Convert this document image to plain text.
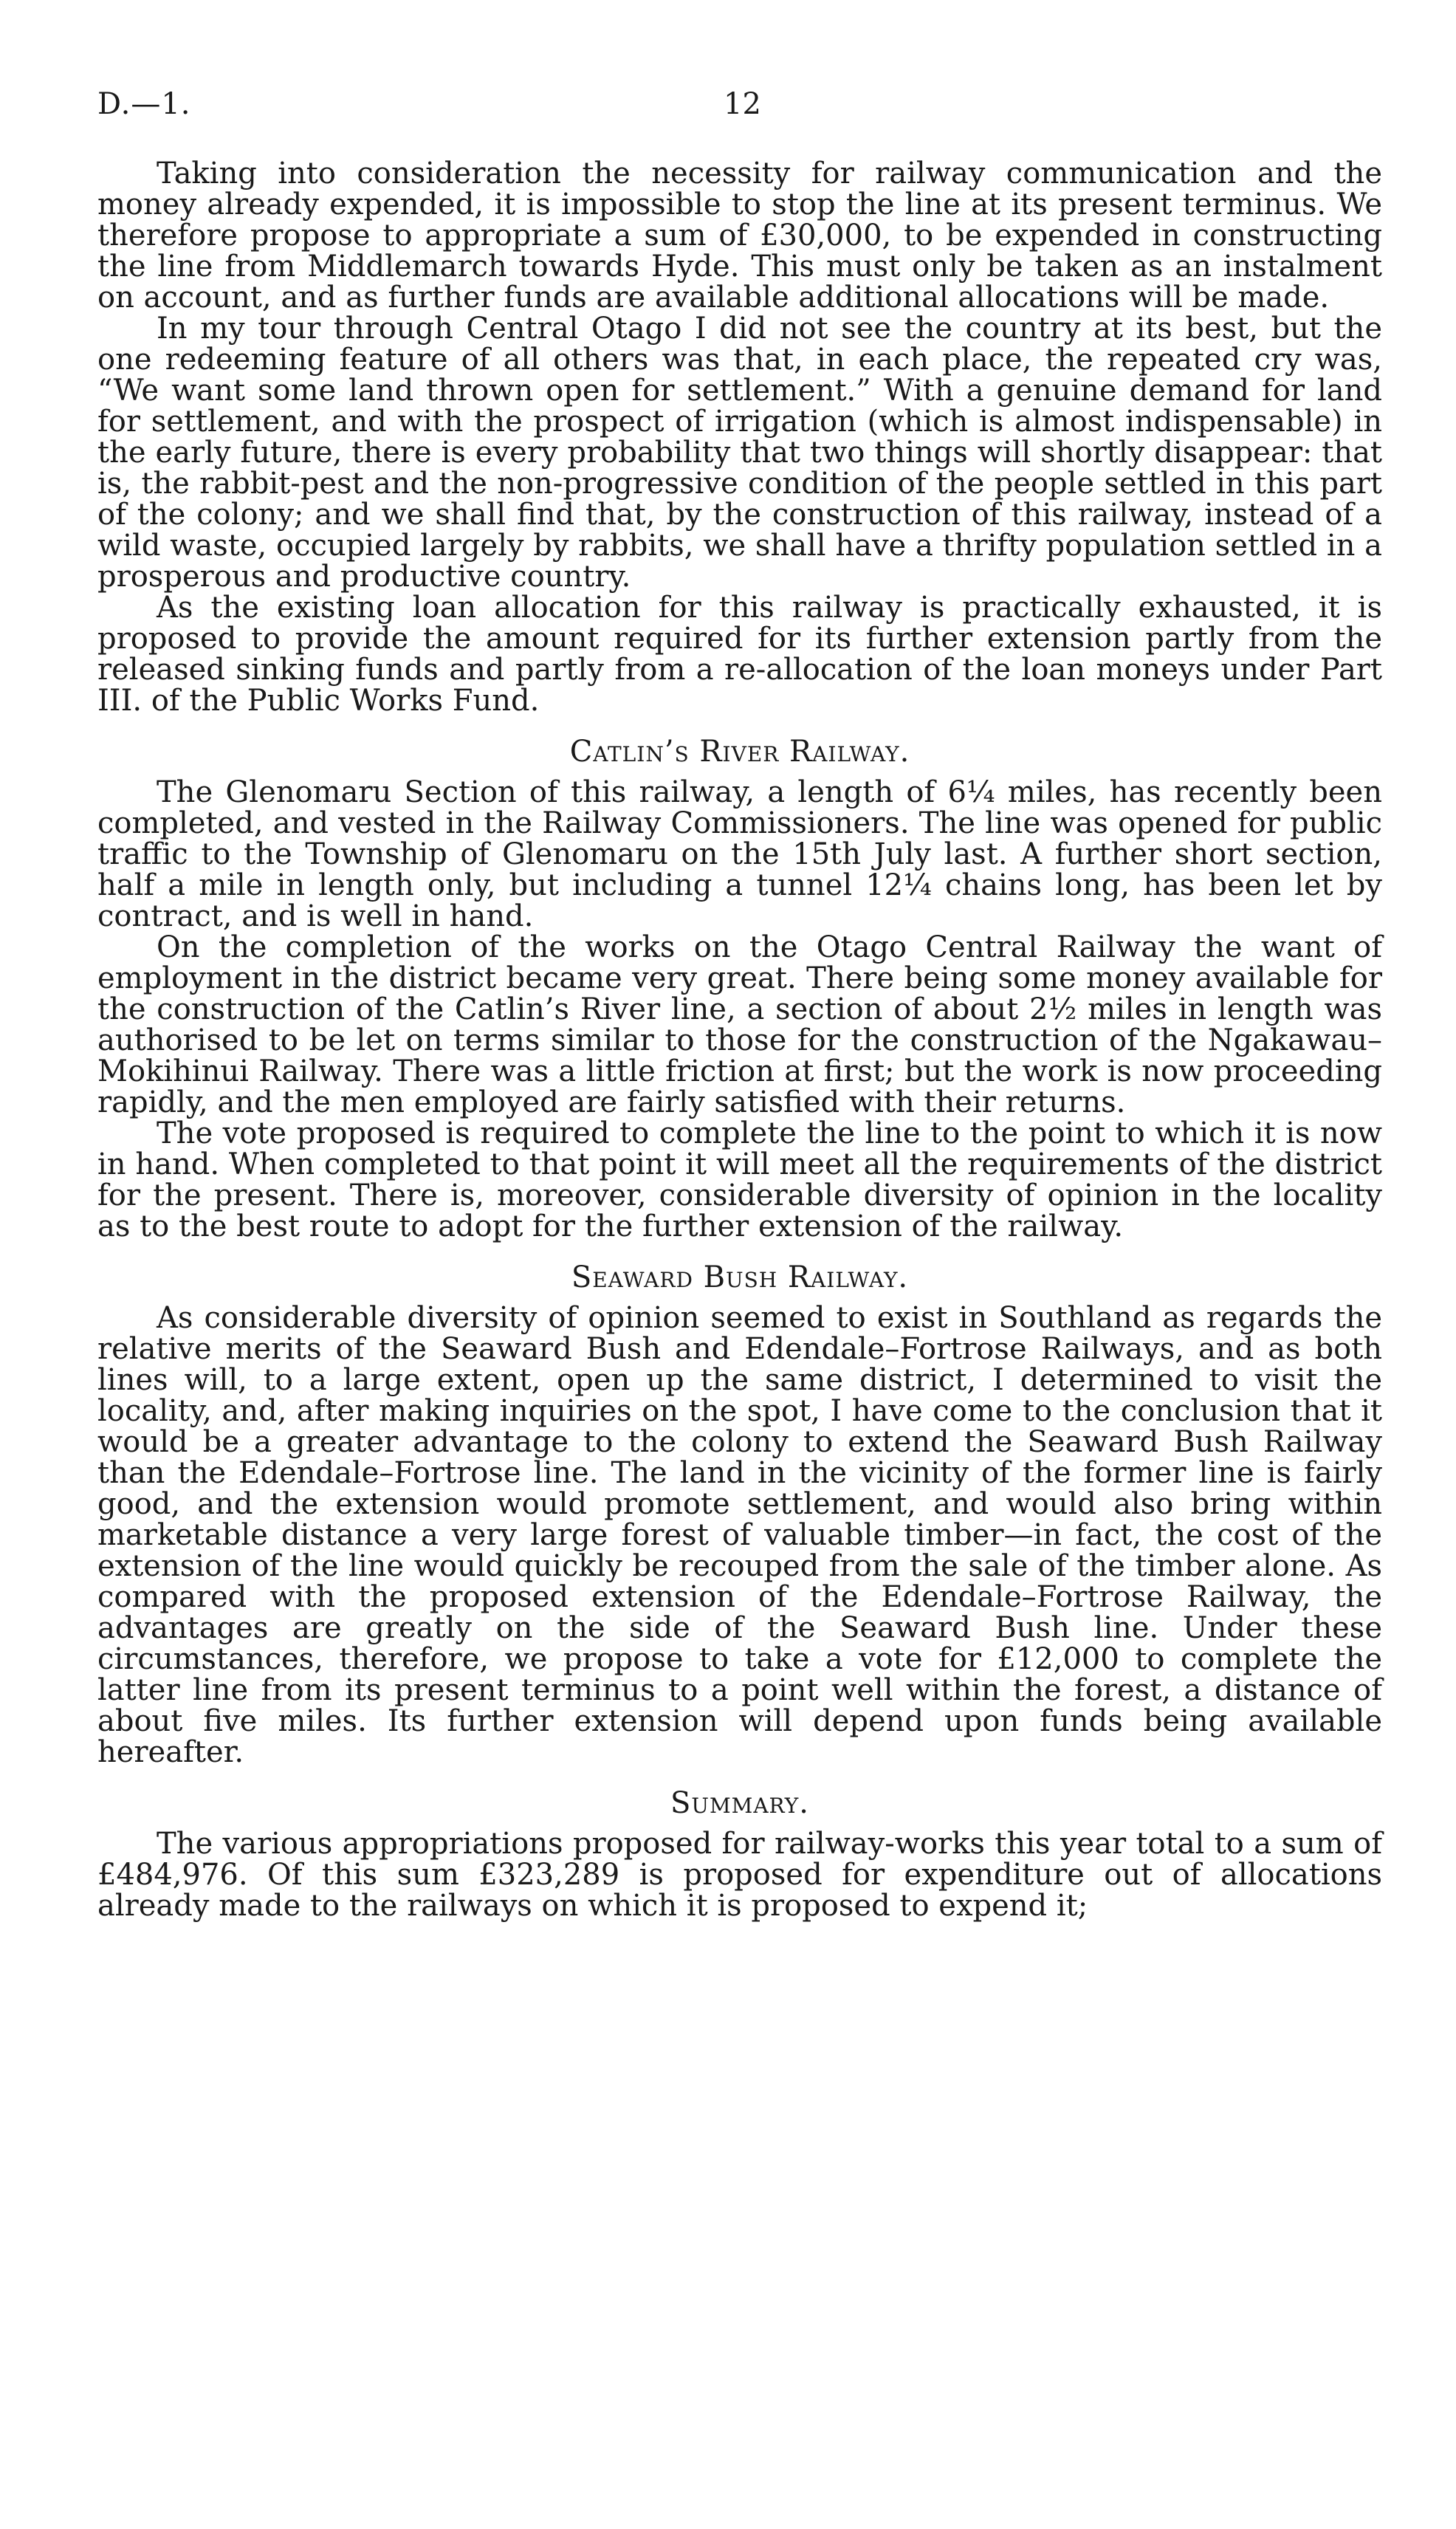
D.—1.	12

Taking into consideration the necessity for railway communication and the money already expended, it is impossible to stop the line at its present terminus. We therefore propose to appropriate a sum of £30,000, to be expended in constructing the line from Middlemarch towards Hyde. This must only be taken as an instalment on account, and as further funds are available additional allocations will be made.

In my tour through Central Otago I did not see the country at its best, but the one redeeming feature of all others was that, in each place, the repeated cry was, “We want some land thrown open for settlement.” With a genuine demand for land for settlement, and with the prospect of irrigation (which is almost indispensable) in the early future, there is every probability that two things will shortly disappear: that is, the rabbit-pest and the non-progressive condition of the people settled in this part of the colony; and we shall find that, by the construction of this railway, instead of a wild waste, occupied largely by rabbits, we shall have a thrifty population settled in a prosperous and productive country.

As the existing loan allocation for this railway is practically exhausted, it is proposed to provide the amount required for its further extension partly from the released sinking funds and partly from a re-allocation of the loan moneys under Part III. of the Public Works Fund.

Catlin’s River Railway.

The Glenomaru Section of this railway, a length of 6¼ miles, has recently been completed, and vested in the Railway Commissioners. The line was opened for public traffic to the Township of Glenomaru on the 15th July last. A further short section, half a mile in length only, but including a tunnel 12¼ chains long, has been let by contract, and is well in hand.

On the completion of the works on the Otago Central Railway the want of employment in the district became very great. There being some money available for the construction of the Catlin’s River line, a section of about 2½ miles in length was authorised to be let on terms similar to those for the construction of the Ngakawau–Mokihinui Railway. There was a little friction at first; but the work is now proceeding rapidly, and the men employed are fairly satisfied with their returns.

The vote proposed is required to complete the line to the point to which it is now in hand. When completed to that point it will meet all the requirements of the district for the present. There is, moreover, considerable diversity of opinion in the locality as to the best route to adopt for the further extension of the railway.

Seaward Bush Railway.

As considerable diversity of opinion seemed to exist in Southland as regards the relative merits of the Seaward Bush and Edendale–Fortrose Railways, and as both lines will, to a large extent, open up the same district, I determined to visit the locality, and, after making inquiries on the spot, I have come to the conclusion that it would be a greater advantage to the colony to extend the Seaward Bush Railway than the Edendale–Fortrose line. The land in the vicinity of the former line is fairly good, and the extension would promote settlement, and would also bring within marketable distance a very large forest of valuable timber—in fact, the cost of the extension of the line would quickly be recouped from the sale of the timber alone. As compared with the proposed extension of the Edendale–Fortrose Railway, the advantages are greatly on the side of the Seaward Bush line. Under these circumstances, therefore, we propose to take a vote for £12,000 to complete the latter line from its present terminus to a point well within the forest, a distance of about five miles. Its further extension will depend upon funds being available hereafter.

Summary.

The various appropriations proposed for railway-works this year total to a sum of £484,976. Of this sum £323,289 is proposed for expenditure out of allocations already made to the railways on which it is proposed to expend it;
